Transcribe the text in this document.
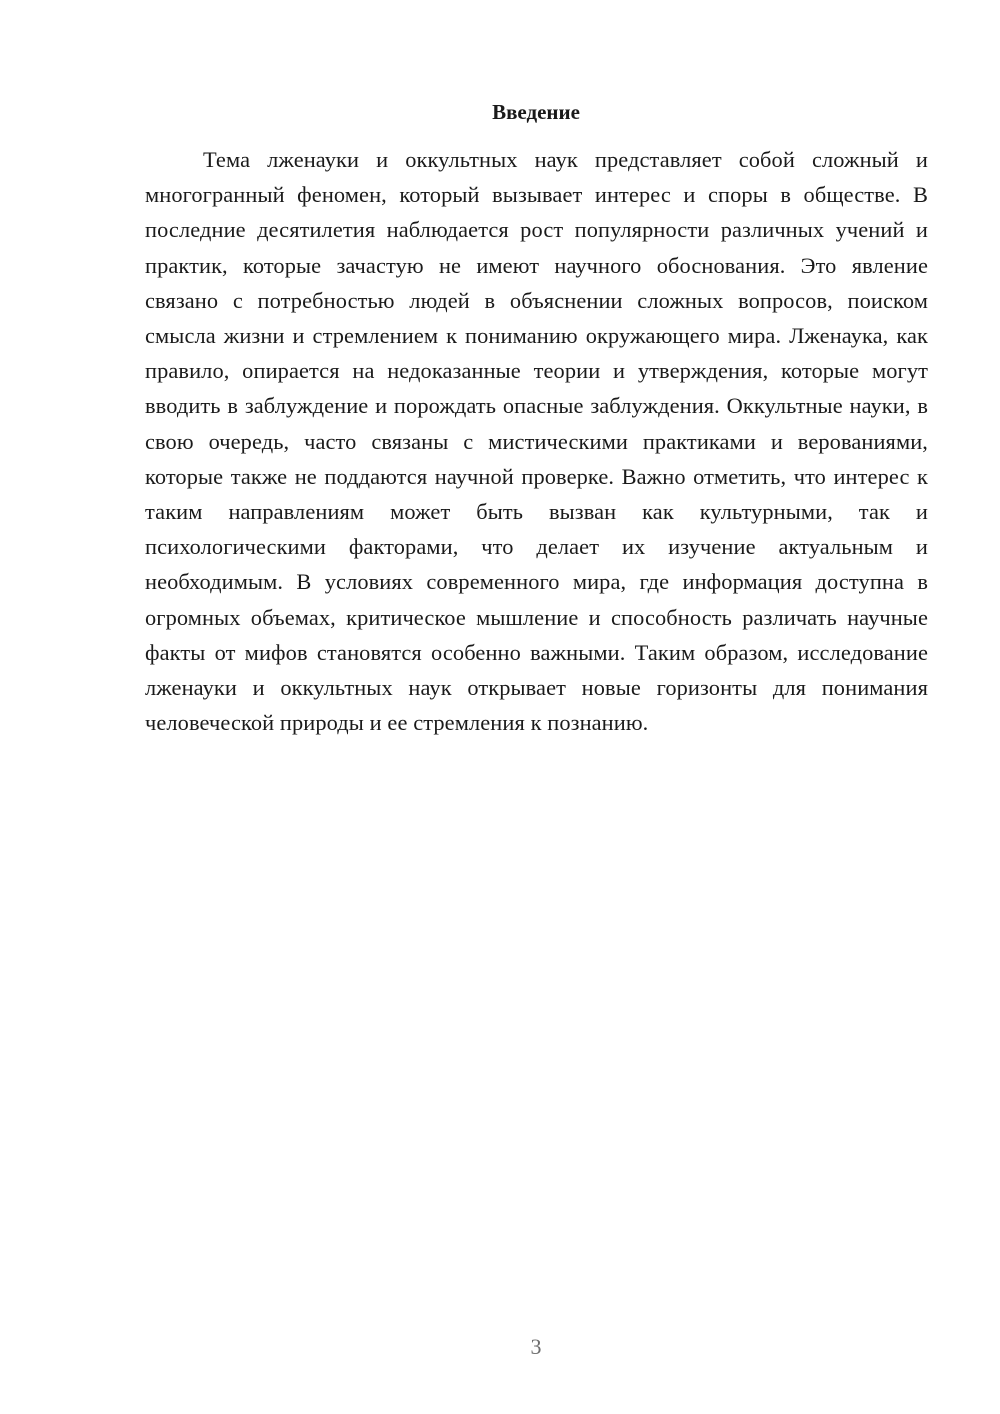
Введение

Тема лженауки и оккультных наук представляет собой сложный и многогранный феномен, который вызывает интерес и споры в обществе. В последние десятилетия наблюдается рост популярности различных учений и практик, которые зачастую не имеют научного обоснования. Это явление связано с потребностью людей в объяснении сложных вопросов, поиском смысла жизни и стремлением к пониманию окружающего мира. Лженаука, как правило, опирается на недоказанные теории и утверждения, которые могут вводить в заблуждение и порождать опасные заблуждения. Оккультные науки, в свою очередь, часто связаны с мистическими практиками и верованиями, которые также не поддаются научной проверке. Важно отметить, что интерес к таким направлениям может быть вызван как культурными, так и психологическими факторами, что делает их изучение актуальным и необходимым. В условиях современного мира, где информация доступна в огромных объемах, критическое мышление и способность различать научные факты от мифов становятся особенно важными. Таким образом, исследование лженауки и оккультных наук открывает новые горизонты для понимания человеческой природы и ее стремления к познанию.

3
